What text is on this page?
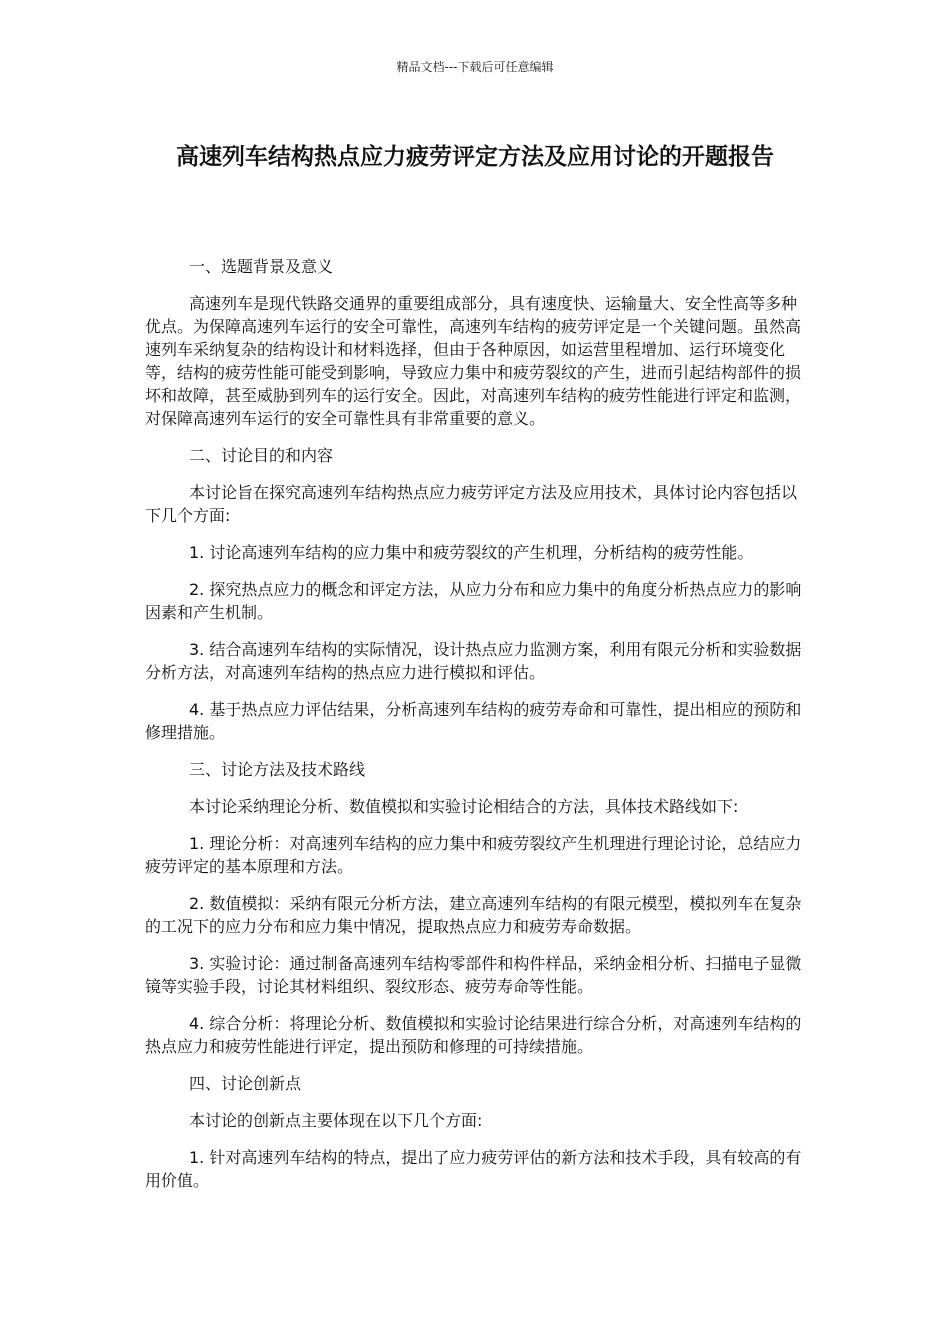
精品文档---下载后可任意编辑
高速列车结构热点应力疲劳评定方法及应用讨论的开题报告

一、选题背景及意义

高速列车是现代铁路交通界的重要组成部分，具有速度快、运输量大、安全性高等多种优点。为保障高速列车运行的安全可靠性，高速列车结构的疲劳评定是一个关键问题。虽然高速列车采纳复杂的结构设计和材料选择，但由于各种原因，如运营里程增加、运行环境变化等，结构的疲劳性能可能受到影响，导致应力集中和疲劳裂纹的产生，进而引起结构部件的损坏和故障，甚至威胁到列车的运行安全。因此，对高速列车结构的疲劳性能进行评定和监测，对保障高速列车运行的安全可靠性具有非常重要的意义。

二、讨论目的和内容

本讨论旨在探究高速列车结构热点应力疲劳评定方法及应用技术，具体讨论内容包括以下几个方面:

1. 讨论高速列车结构的应力集中和疲劳裂纹的产生机理，分析结构的疲劳性能。

2. 探究热点应力的概念和评定方法，从应力分布和应力集中的角度分析热点应力的影响因素和产生机制。

3. 结合高速列车结构的实际情况，设计热点应力监测方案，利用有限元分析和实验数据分析方法，对高速列车结构的热点应力进行模拟和评估。

4. 基于热点应力评估结果，分析高速列车结构的疲劳寿命和可靠性，提出相应的预防和修理措施。

三、讨论方法及技术路线

本讨论采纳理论分析、数值模拟和实验讨论相结合的方法，具体技术路线如下:

1. 理论分析：对高速列车结构的应力集中和疲劳裂纹产生机理进行理论讨论，总结应力疲劳评定的基本原理和方法。

2. 数值模拟：采纳有限元分析方法，建立高速列车结构的有限元模型，模拟列车在复杂的工况下的应力分布和应力集中情况，提取热点应力和疲劳寿命数据。

3. 实验讨论：通过制备高速列车结构零部件和构件样品，采纳金相分析、扫描电子显微镜等实验手段，讨论其材料组织、裂纹形态、疲劳寿命等性能。

4. 综合分析：将理论分析、数值模拟和实验讨论结果进行综合分析，对高速列车结构的热点应力和疲劳性能进行评定，提出预防和修理的可持续措施。

四、讨论创新点

本讨论的创新点主要体现在以下几个方面:

1. 针对高速列车结构的特点，提出了应力疲劳评估的新方法和技术手段，具有较高的有用价值。
